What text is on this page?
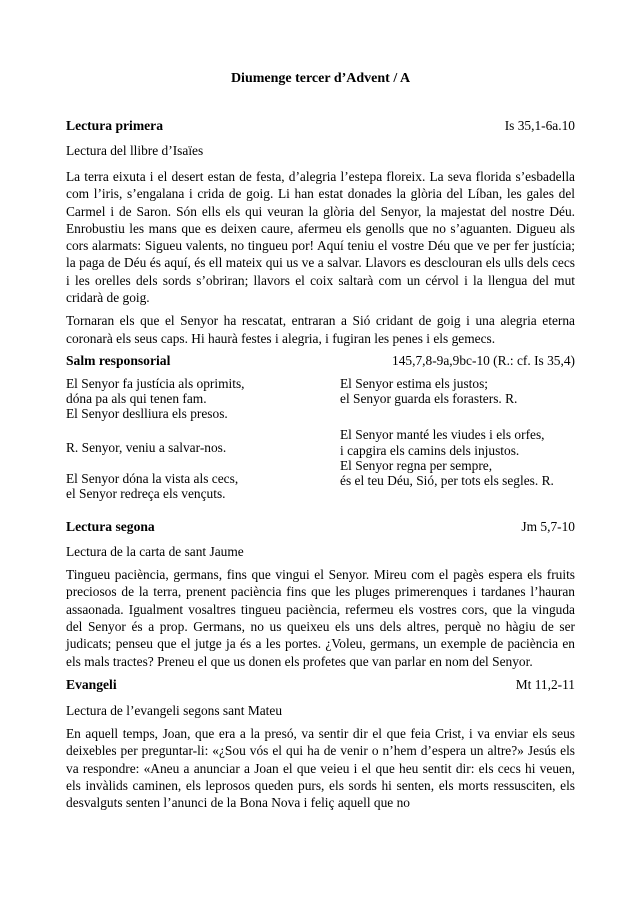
Diumenge tercer d’Advent / A
Lectura primera	Is 35,1-6a.10
Lectura del llibre d’Isaïes

La terra eixuta i el desert estan de festa, d’alegria l’estepa floreix. La seva florida s’esbadella com l’iris, s’engalana i crida de goig. Li han estat donades la glòria del Líban, les gales del Carmel i de Saron. Són ells els qui veuran la glòria del Senyor, la majestat del nostre Déu. Enrobustiu les mans que es deixen caure, afermeu els genolls que no s’aguanten. Digueu als cors alarmats: Sigueu valents, no tingueu por! Aquí teniu el vostre Déu que ve per fer justícia; la paga de Déu és aquí, és ell mateix qui us ve a salvar. Llavors es desclouran els ulls dels cecs i les orelles dels sords s’obriran; llavors el coix saltarà com un cérvol i la llengua del mut cridarà de goig.

Tornaran els que el Senyor ha rescatat, entraran a Sió cridant de goig i una alegria eterna coronarà els seus caps. Hi haurà festes i alegria, i fugiran les penes i els gemecs.

Salm responsorial	145,7,8-9a,9bc-10 (R.: cf. Is 35,4)
El Senyor fa justícia als oprimits,
dóna pa als qui tenen fam.
El Senyor deslliura els presos.
R. Senyor, veniu a salvar-nos.
El Senyor dóna la vista als cecs,
el Senyor redreça els vençuts.
El Senyor estima els justos;
el Senyor guarda els forasters. R.
El Senyor manté les viudes i els orfes,
i capgira els camins dels injustos.
El Senyor regna per sempre,
és el teu Déu, Sió, per tots els segles. R.
Lectura segona	Jm 5,7-10
Lectura de la carta de sant Jaume

Tingueu paciència, germans, fins que vingui el Senyor. Mireu com el pagès espera els fruits preciosos de la terra, prenent paciència fins que les pluges primerenques i tardanes l’hauran assaonada. Igualment vosaltres tingueu paciència, refermeu els vostres cors, que la vinguda del Senyor és a prop. Germans, no us queixeu els uns dels altres, perquè no hàgiu de ser judicats; penseu que el jutge ja és a les portes. ¿Voleu, germans, un exemple de paciència en els mals tractes? Preneu el que us donen els profetes que van parlar en nom del Senyor.

Evangeli	Mt 11,2-11
Lectura de l’evangeli segons sant Mateu

En aquell temps, Joan, que era a la presó, va sentir dir el que feia Crist, i va enviar els seus deixebles per preguntar-li: «¿Sou vós el qui ha de venir o n’hem d’espera un altre?» Jesús els va respondre: «Aneu a anunciar a Joan el que veieu i el que heu sentit dir: els cecs hi veuen, els invàlids caminen, els leprosos queden purs, els sords hi senten, els morts ressusciten, els desvalguts senten l’anunci de la Bona Nova i feliç aquell que no
